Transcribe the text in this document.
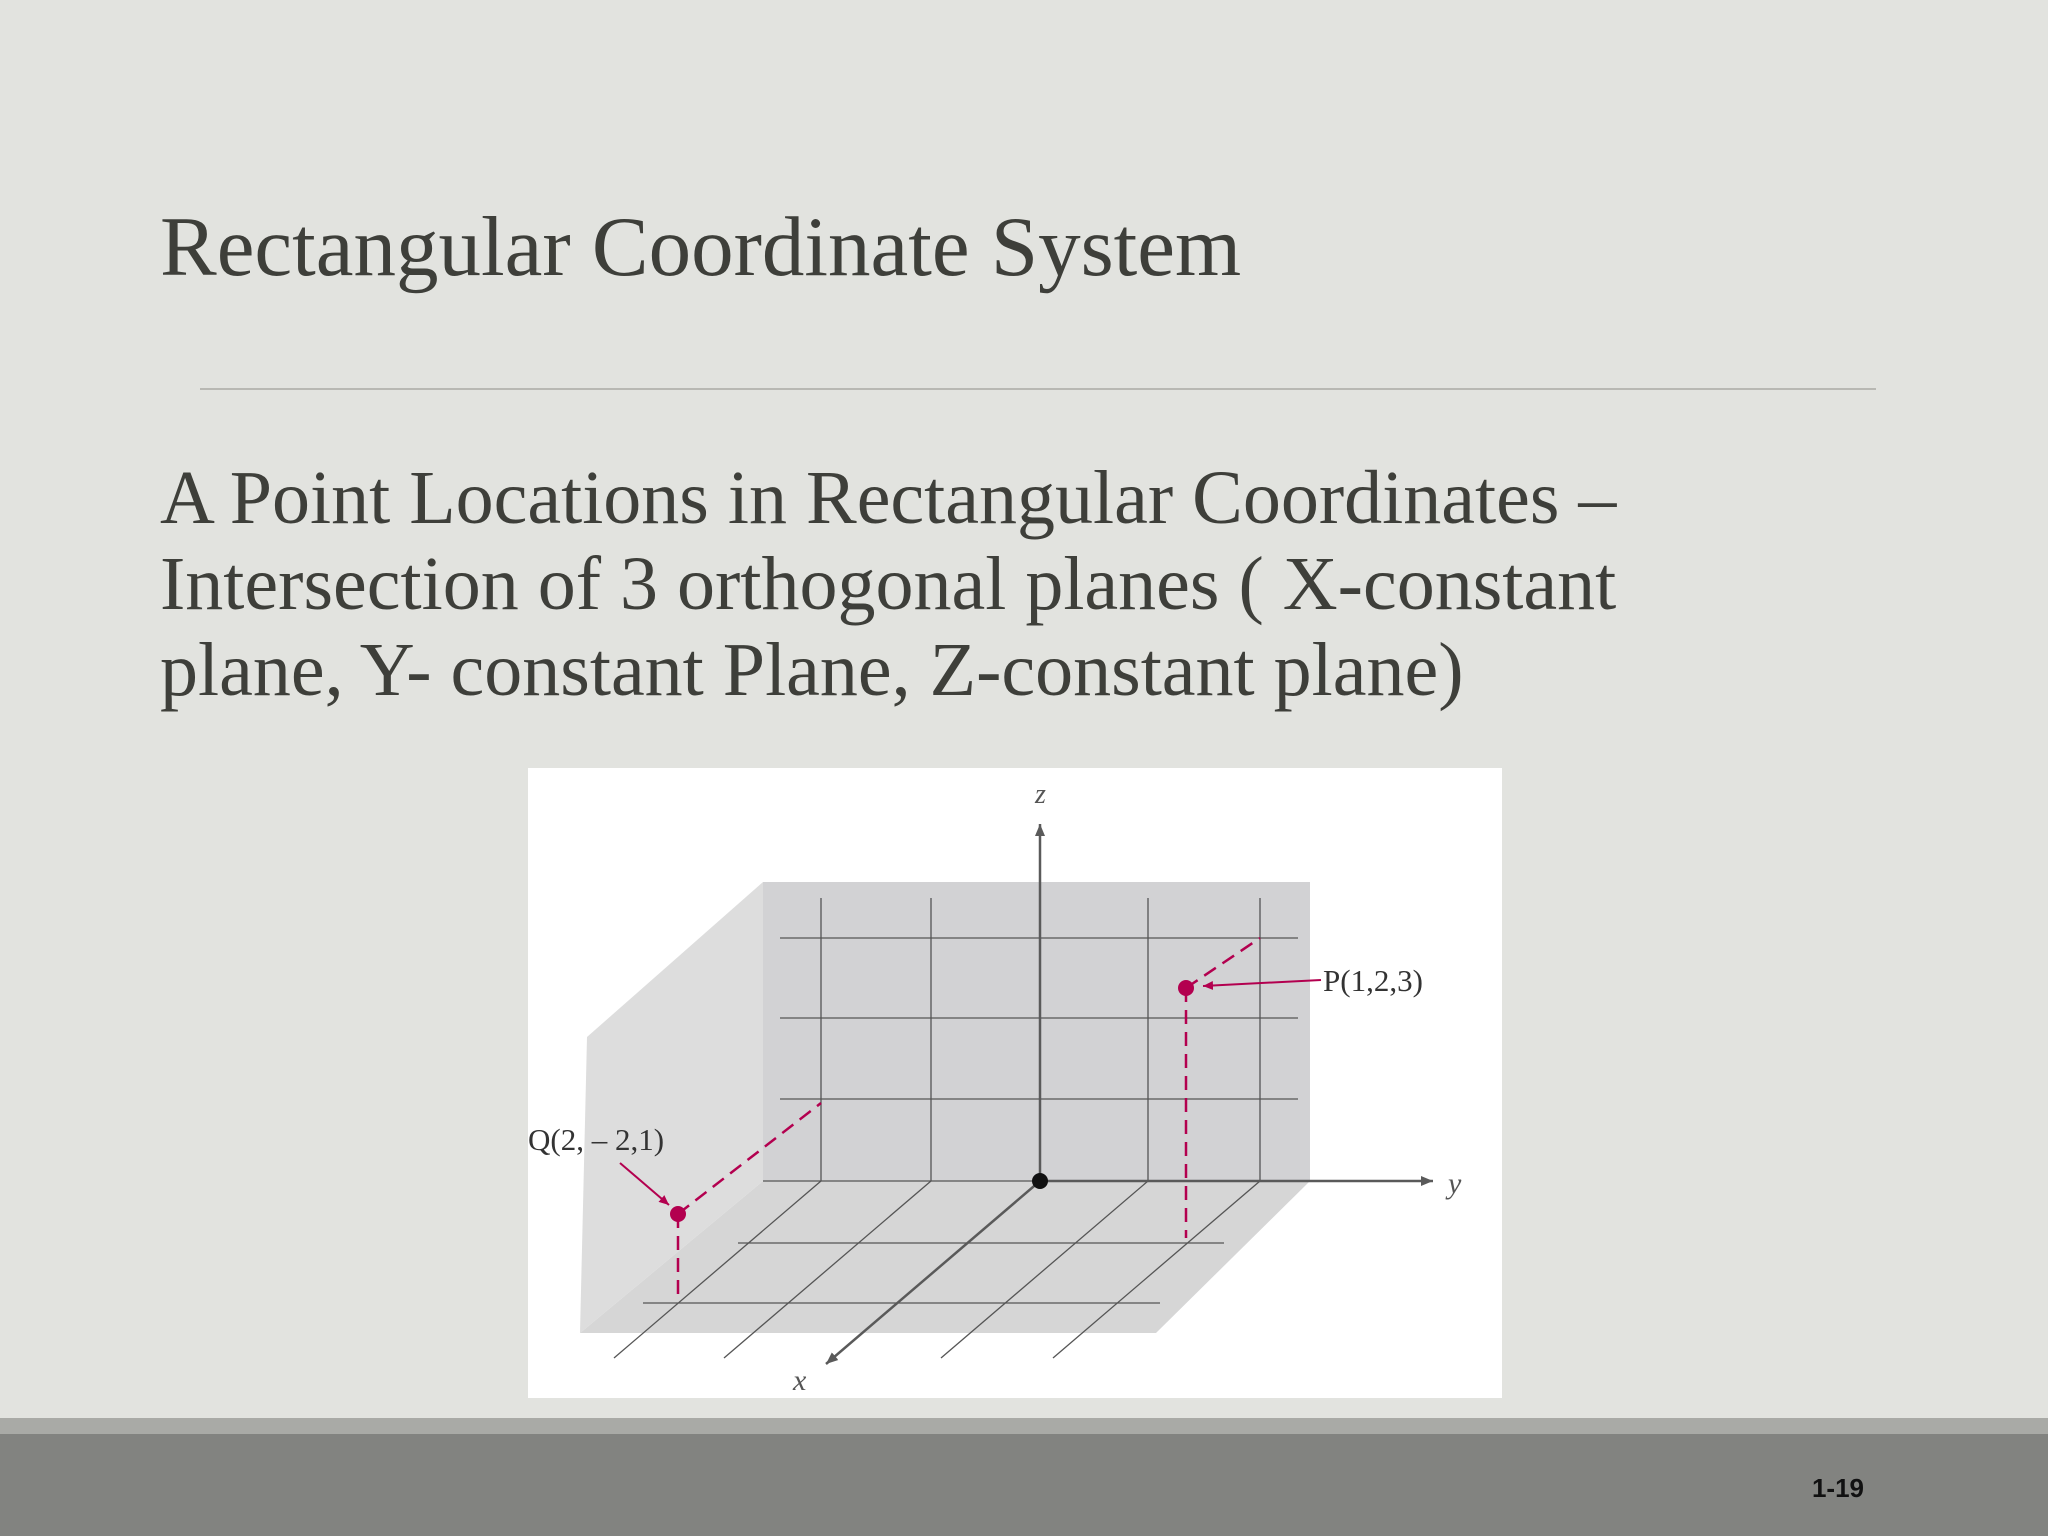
Rectangular Coordinate System
A Point Locations in Rectangular Coordinates –
Intersection of 3 orthogonal planes ( X-constant
plane, Y- constant Plane, Z-constant plane)
z
y
x
P(1,2,3)
Q(2, – 2,1)
1-19
